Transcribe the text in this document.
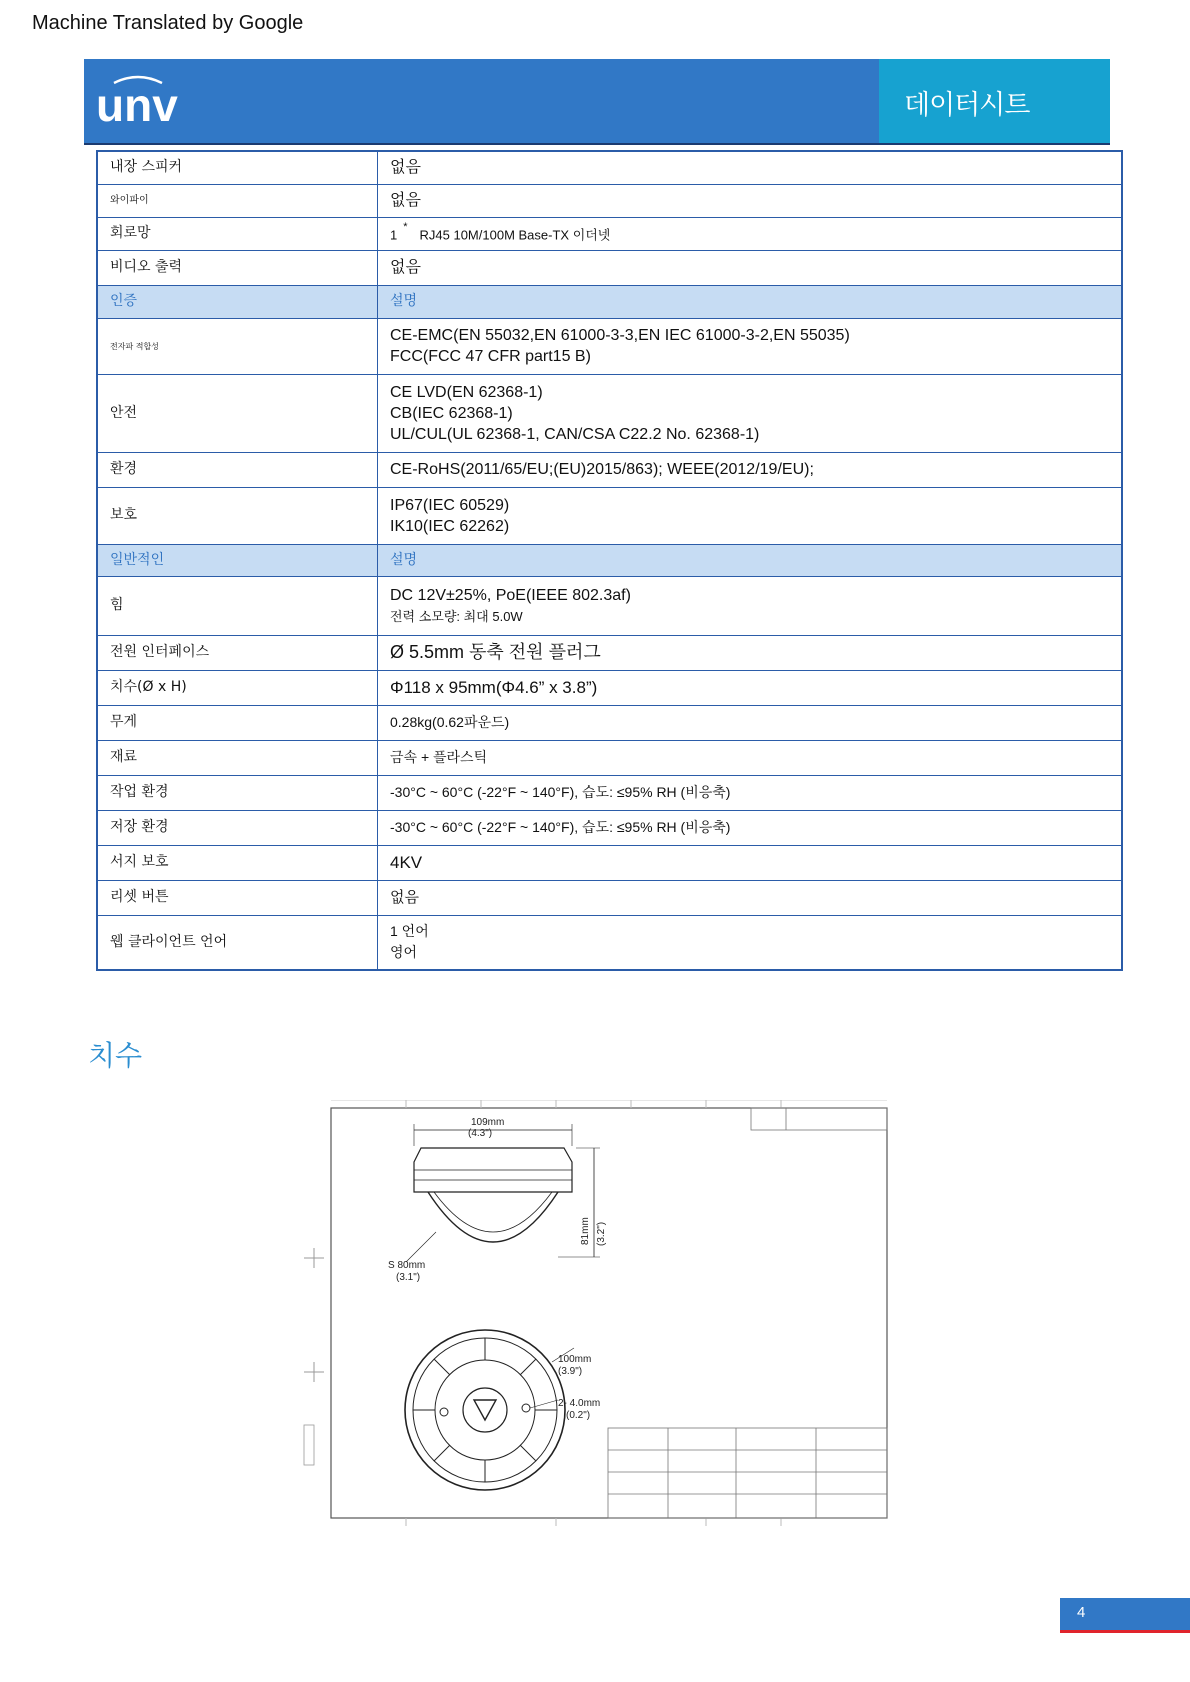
Machine Translated by Google
unv	데이터시트
내장 스피커	없음
와이파이	없음
회로망	1*RJ45 10M/100M Base-TX 이더넷
비디오 출력	없음
인증	설명
전자파 적합성	CE-EMC(EN 55032,EN 61000-3-3,EN IEC 61000-3-2,EN 55035)
FCC(FCC 47 CFR part15 B)

안전	CE LVD(EN 62368-1)
CB(IEC 62368-1)
UL/CUL(UL 62368-1, CAN/CSA C22.2 No. 62368-1)

환경	CE-RoHS(2011/65/EU;(EU)2015/863); WEEE(2012/19/EU);
보호	IP67(IEC 60529)
IK10(IEC 62262)

일반적인	설명
힘	DC 12V±25%, PoE(IEEE 802.3af)
전력 소모량: 최대 5.0W

전원 인터페이스	Ø 5.5mm 동축 전원 플러그
치수(Ø x H)	Φ118 x 95mm(Φ4.6” x 3.8”)
무게	0.28kg(0.62파운드)
재료	금속 + 플라스틱
작업 환경	-30°C ~ 60°C (-22°F ~ 140°F), 습도: ≤95% RH (비응축)
저장 환경	-30°C ~ 60°C (-22°F ~ 140°F), 습도: ≤95% RH (비응축)
서지 보호	4KV
리셋 버튼	없음
웹 클라이언트 언어	1 언어
영어
치수
109mm
(4.3")
81mm (3.2")
S 80mm
(3.1")
100mm
(3.9")
2- 4.0mm
(0.2")
4
